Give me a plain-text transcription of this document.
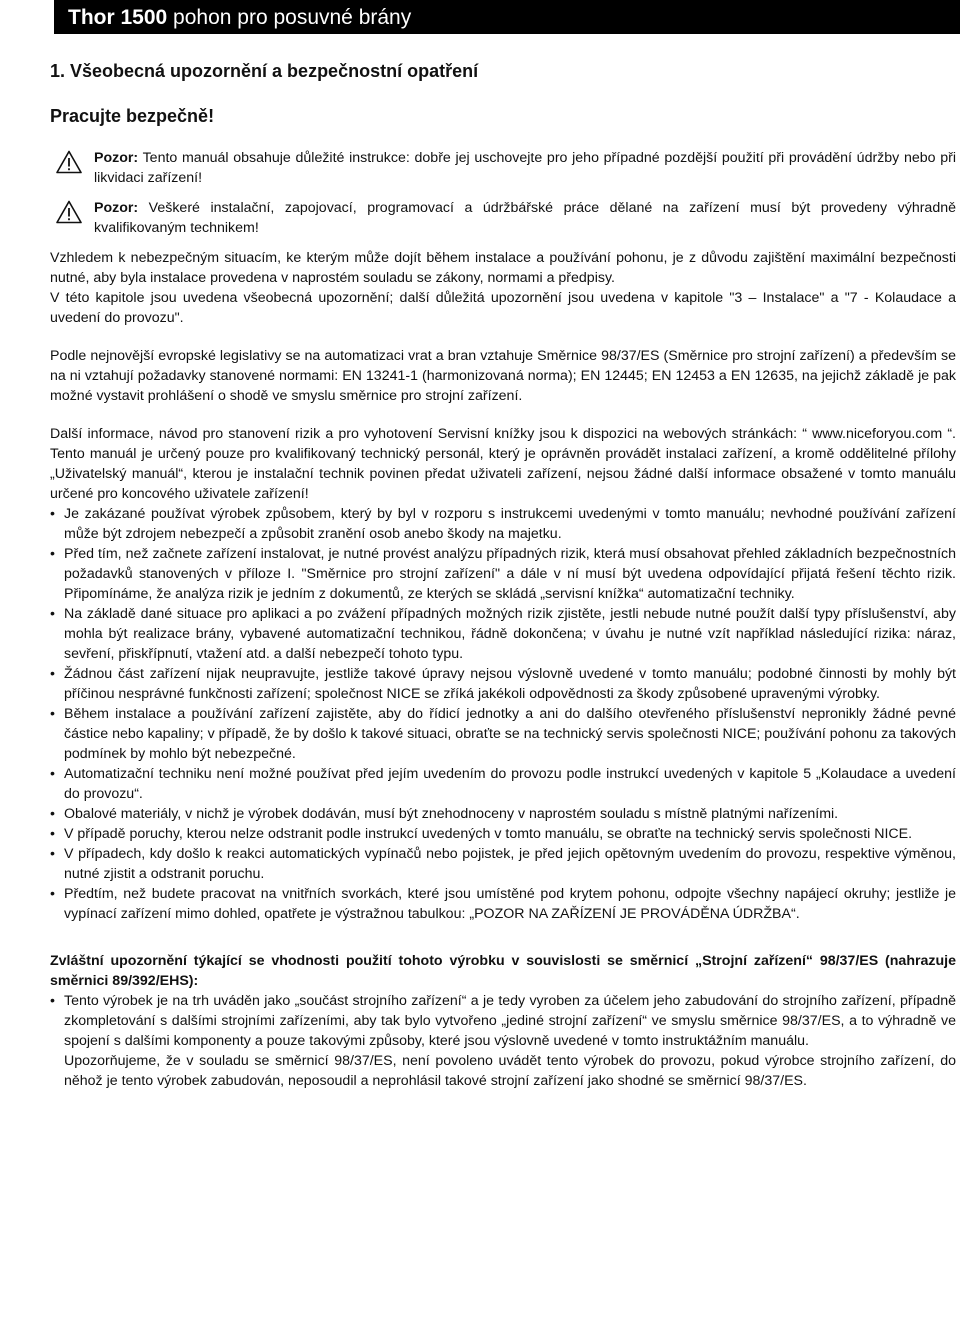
Thor 1500 pohon pro posuvné brány
1. Všeobecná upozornění a bezpečnostní opatření
Pracujte bezpečně!
Pozor: Tento manuál obsahuje důležité instrukce: dobře jej uschovejte pro jeho případné pozdější použití při provádění údržby nebo při likvidaci zařízení!
Pozor: Veškeré instalační, zapojovací, programovací a údržbářské práce dělané na zařízení musí být provedeny výhradně kvalifikovaným technikem!

Vzhledem k nebezpečným situacím, ke kterým může dojít během instalace a používání pohonu, je z důvodu zajištění maximální bezpečnosti nutné, aby byla instalace provedena v naprostém souladu se zákony, normami a předpisy.

V této kapitole jsou uvedena všeobecná upozornění; další důležitá upozornění jsou uvedena v kapitole "3 – Instalace" a "7 - Kolaudace a uvedení do provozu".

Podle nejnovější evropské legislativy se na automatizaci vrat a bran vztahuje Směrnice 98/37/ES (Směrnice pro strojní zařízení) a především se na ni vztahují požadavky stanovené normami: EN 13241-1 (harmonizovaná norma); EN 12445; EN 12453 a EN 12635, na jejichž základě je pak možné vystavit prohlášení o shodě ve smyslu směrnice pro strojní zařízení.

Další informace, návod pro stanovení rizik a pro vyhotovení Servisní knížky jsou k dispozici na webových stránkách: “ www.niceforyou.com “. Tento manuál je určený pouze pro kvalifikovaný technický personál, který je oprávněn provádět instalaci zařízení, a kromě oddělitelné přílohy „Uživatelský manuál“, kterou je instalační technik povinen předat uživateli zařízení, nejsou žádné další informace obsažené v tomto manuálu určené pro koncového uživatele zařízení!

• Je zakázané používat výrobek způsobem, který by byl v rozporu s instrukcemi uvedenými v tomto manuálu; nevhodné používání zařízení může být zdrojem nebezpečí a způsobit zranění osob anebo škody na majetku.
• Před tím, než začnete zařízení instalovat, je nutné provést analýzu případných rizik, která musí obsahovat přehled základních bezpečnostních požadavků stanovených v příloze I. "Směrnice pro strojní zařízení" a dále v ní musí být uvedena odpovídající přijatá řešení těchto rizik. Připomínáme, že analýza rizik je jedním z dokumentů, ze kterých se skládá „servisní knížka“ automatizační techniky.
• Na základě dané situace pro aplikaci a po zvážení případných možných rizik zjistěte, jestli nebude nutné použít další typy příslušenství, aby mohla být realizace brány, vybavené automatizační technikou, řádně dokončena; v úvahu je nutné vzít například následující rizika: náraz, sevření, přiskřípnutí, vtažení atd. a další nebezpečí tohoto typu.
• Žádnou část zařízení nijak neupravujte, jestliže takové úpravy nejsou výslovně uvedené v tomto manuálu; podobné činnosti by mohly být příčinou nesprávné funkčnosti zařízení; společnost NICE se zříká jakékoli odpovědnosti za škody způsobené upravenými výrobky.
• Během instalace a používání zařízení zajistěte, aby do řídicí jednotky a ani do dalšího otevřeného příslušenství nepronikly žádné pevné částice nebo kapaliny; v případě, že by došlo k takové situaci, obraťte se na technický servis společnosti NICE; používání pohonu za takových podmínek by mohlo být nebezpečné.
• Automatizační techniku není možné používat před jejím uvedením do provozu podle instrukcí uvedených v kapitole 5 „Kolaudace a uvedení do provozu“.
• Obalové materiály, v nichž je výrobek dodáván, musí být znehodnoceny v naprostém souladu s místně platnými nařízeními.
• V případě poruchy, kterou nelze odstranit podle instrukcí uvedených v tomto manuálu, se obraťte na technický servis společnosti NICE.
• V případech, kdy došlo k reakci automatických vypínačů nebo pojistek, je před jejich opětovným uvedením do provozu, respektive výměnou, nutné zjistit a odstranit poruchu.
• Předtím, než budete pracovat na vnitřních svorkách, které jsou umístěné pod krytem pohonu, odpojte všechny napájecí okruhy; jestliže je vypínací zařízení mimo dohled, opatřete je výstražnou tabulkou: „POZOR NA ZAŘÍZENÍ JE PROVÁDĚNA ÚDRŽBA“.

Zvláštní upozornění týkající se vhodnosti použití tohoto výrobku v souvislosti se směrnicí „Strojní zařízení“ 98/37/ES (nahrazuje směrnici 89/392/EHS):

• Tento výrobek je na trh uváděn jako „součást strojního zařízení“ a je tedy vyroben za účelem jeho zabudování do strojního zařízení, případně zkompletování s dalšími strojními zařízeními, aby tak bylo vytvořeno „jediné strojní zařízení“ ve smyslu směrnice 98/37/ES, a to výhradně ve spojení s dalšími komponenty a pouze takovými způsoby, které jsou výslovně uvedené v tomto instruktážním manuálu.

Upozorňujeme, že v souladu se směrnicí 98/37/ES, není povoleno uvádět tento výrobek do provozu, pokud výrobce strojního zařízení, do něhož je tento výrobek zabudován, neposoudil a neprohlásil takové strojní zařízení jako shodné se směrnicí 98/37/ES.
